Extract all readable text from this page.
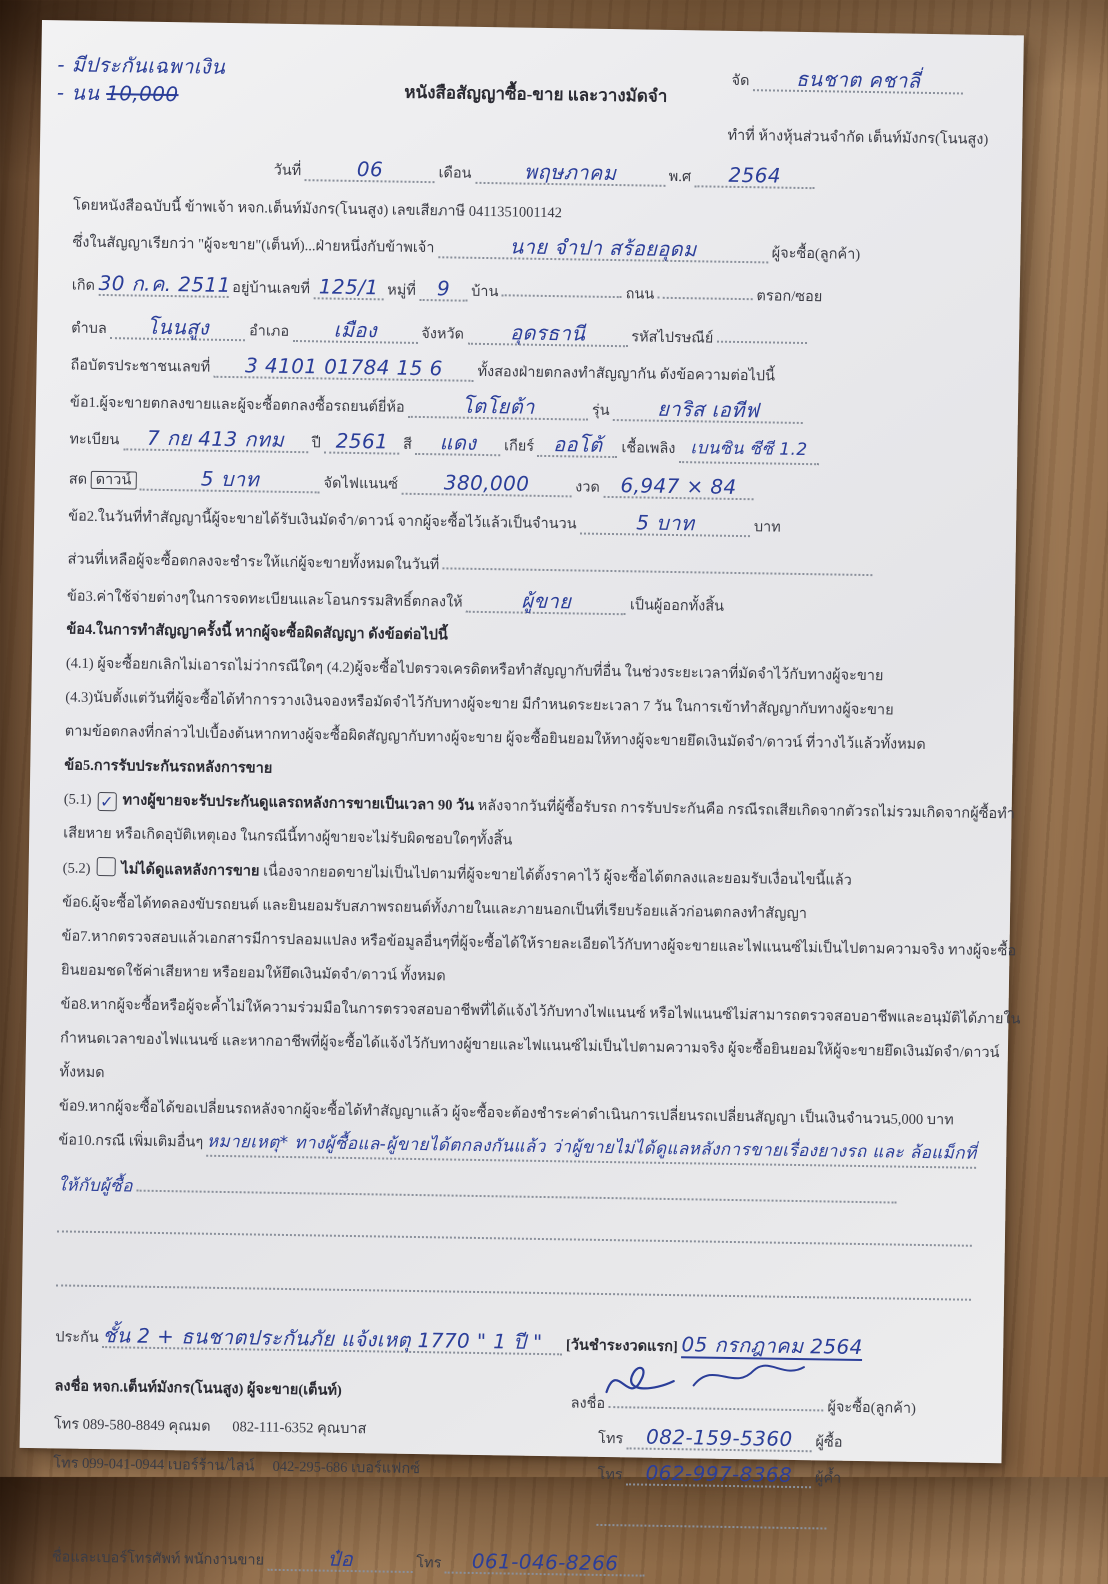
- มีประกันเฉพาเงิน
- นน 10,000
จัด ธนชาต คชาลี่
หนังสือสัญญาซื้อ-ขาย และวางมัดจำ
ทำที่ ห้างหุ้นส่วนจำกัด เต็นท์มังกร(โนนสูง)
วันที่	06	เดือน	พฤษภาคม	พ.ศ 2564
โดยหนังสือฉบับนี้ ข้าพเจ้า หจก.เต็นท์มังกร(โนนสูง) เลขเสียภาษี 0411351001142
ซึ่งในสัญญาเรียกว่า "ผู้จะขาย"(เต็นท์)...ฝ่ายหนึ่งกับข้าพเจ้า	นาย จำปา สร้อยอุดม	ผู้จะซื้อ(ลูกค้า)
เกิด 30 ก.ค. 2511 อยู่บ้านเลขที่ 125/1 หมู่ที่ 9 บ้าน	ถนน	ตรอก/ซอย
ตำบล โนนสูง	อำเภอ เมือง	จังหวัด อุดรธานี	รหัสไปรษณีย์
ถือบัตรประชาชนเลขที่ 3 4101 01784 15 6 ทั้งสองฝ่ายตกลงทำสัญญากัน ดังข้อความต่อไปนี้
ข้อ1.ผู้จะขายตกลงขายและผู้จะซื้อตกลงซื้อรถยนต์ยี่ห้อ	โตโยต้า	รุ่น ยาริส เอทีฟ
ทะเบียน 7 กย 413 กทม ปี 2561 สี แดง เกียร์ ออโต้ เชื้อเพลิง เบนซิน ซีซี 1.2
สด ดาวน์	5 บาท	จัดไฟแนนซ์ 380,000	งวด 6,947 × 84
ข้อ2.ในวันที่ทำสัญญานี้ผู้จะขายได้รับเงินมัดจำ/ดาวน์ จากผู้จะซื้อไว้แล้วเป็นจำนวน	5 บาท	บาท
ส่วนที่เหลือผู้จะซื้อตกลงจะชำระให้แก่ผู้จะขายทั้งหมดในวันที่
ข้อ3.ค่าใช้จ่ายต่างๆในการจดทะเบียนและโอนกรรมสิทธิ์ตกลงให้	ผู้ขาย	เป็นผู้ออกทั้งสิ้น
ข้อ4.ในการทำสัญญาครั้งนี้ หากผู้จะซื้อผิดสัญญา ดังข้อต่อไปนี้
(4.1) ผู้จะซื้อยกเลิกไม่เอารถไม่ว่ากรณีใดๆ (4.2)ผู้จะซื้อไปตรวจเครดิตหรือทำสัญญากับที่อื่น ในช่วงระยะเวลาที่มัดจำไว้กับทางผู้จะขาย
(4.3)นับตั้งแต่วันที่ผู้จะซื้อได้ทำการวางเงินจองหรือมัดจำไว้กับทางผู้จะขาย มีกำหนดระยะเวลา 7 วัน ในการเข้าทำสัญญากับทางผู้จะขาย
ตามข้อตกลงที่กล่าวไปเบื้องต้นหากทางผู้จะซื้อผิดสัญญากับทางผู้จะขาย ผู้จะซื้อยินยอมให้ทางผู้จะขายยึดเงินมัดจำ/ดาวน์ ที่วางไว้แล้วทั้งหมด
ข้อ5.การรับประกันรถหลังการขาย
(5.1) ✓ ทางผู้ขายจะรับประกันดูแลรถหลังการขายเป็นเวลา 90 วัน หลังจากวันที่ผู้ซื้อรับรถ การรับประกันคือ กรณีรถเสียเกิดจากตัวรถไม่รวมเกิดจากผู้ซื้อทำ
เสียหาย หรือเกิดอุบัติเหตุเอง ในกรณีนี้ทางผู้ขายจะไม่รับผิดชอบใดๆทั้งสิ้น
(5.2) ไม่ได้ดูแลหลังการขาย เนื่องจากยอดขายไม่เป็นไปตามที่ผู้จะขายได้ตั้งราคาไว้ ผู้จะซื้อได้ตกลงและยอมรับเงื่อนไขนี้แล้ว
ข้อ6.ผู้จะซื้อได้ทดลองขับรถยนต์ และยินยอมรับสภาพรถยนต์ทั้งภายในและภายนอกเป็นที่เรียบร้อยแล้วก่อนตกลงทำสัญญา
ข้อ7.หากตรวจสอบแล้วเอกสารมีการปลอมแปลง หรือข้อมูลอื่นๆที่ผู้จะซื้อได้ให้รายละเอียดไว้กับทางผู้จะขายและไฟแนนซ์ไม่เป็นไปตามความจริง ทางผู้จะซื้อ
ยินยอมชดใช้ค่าเสียหาย หรือยอมให้ยึดเงินมัดจำ/ดาวน์ ทั้งหมด
ข้อ8.หากผู้จะซื้อหรือผู้จะค้ำไม่ให้ความร่วมมือในการตรวจสอบอาชีพที่ได้แจ้งไว้กับทางไฟแนนซ์ หรือไฟแนนซ์ไม่สามารถตรวจสอบอาชีพและอนุมัติได้ภายใน
กำหนดเวลาของไฟแนนซ์ และหากอาชีพที่ผู้จะซื้อได้แจ้งไว้กับทางผู้ขายและไฟแนนซ์ไม่เป็นไปตามความจริง ผู้จะซื้อยินยอมให้ผู้จะขายยึดเงินมัดจำ/ดาวน์
ทั้งหมด
ข้อ9.หากผู้จะซื้อได้ขอเปลี่ยนรถหลังจากผู้จะซื้อได้ทำสัญญาแล้ว ผู้จะซื้อจะต้องชำระค่าดำเนินการเปลี่ยนรถเปลี่ยนสัญญา เป็นเงินจำนวน5,000 บาท
ข้อ10.กรณี เพิ่มเติมอื่นๆ หมายเหตุ* ทางผู้ซื้อแล-ผู้ขายได้ตกลงกันแล้ว ว่าผู้ขายไม่ได้ดูแลหลังการขายเรื่องยางรถ และ ล้อแม็กที่
ให้กับผู้ซื้อ
ประกัน ชั้น 2 + ธนชาตประกันภัย แจ้งเหตุ 1770 " 1 ปี " [วันชำระงวดแรก] 05 กรกฎาคม 2564
ลงชื่อ หจก.เต็นท์มังกร(โนนสูง) ผู้จะขาย(เต็นท์)
โทร 089-580-8849 คุณมด 082-111-6352 คุณบาส
โทร 099-041-0944 เบอร์ร้าน/ไลน์ 042-295-686 เบอร์แฟกซ์
ลงชื่อ	ผู้จะซื้อ(ลูกค้า)
โทร 082-159-5360 ผู้ซื้อ
โทร 062-997-8368 ผู้ค้ำ
ชื่อและเบอร์โทรศัพท์ พนักงานขาย	ป๋อ	โทร 061-046-8266
